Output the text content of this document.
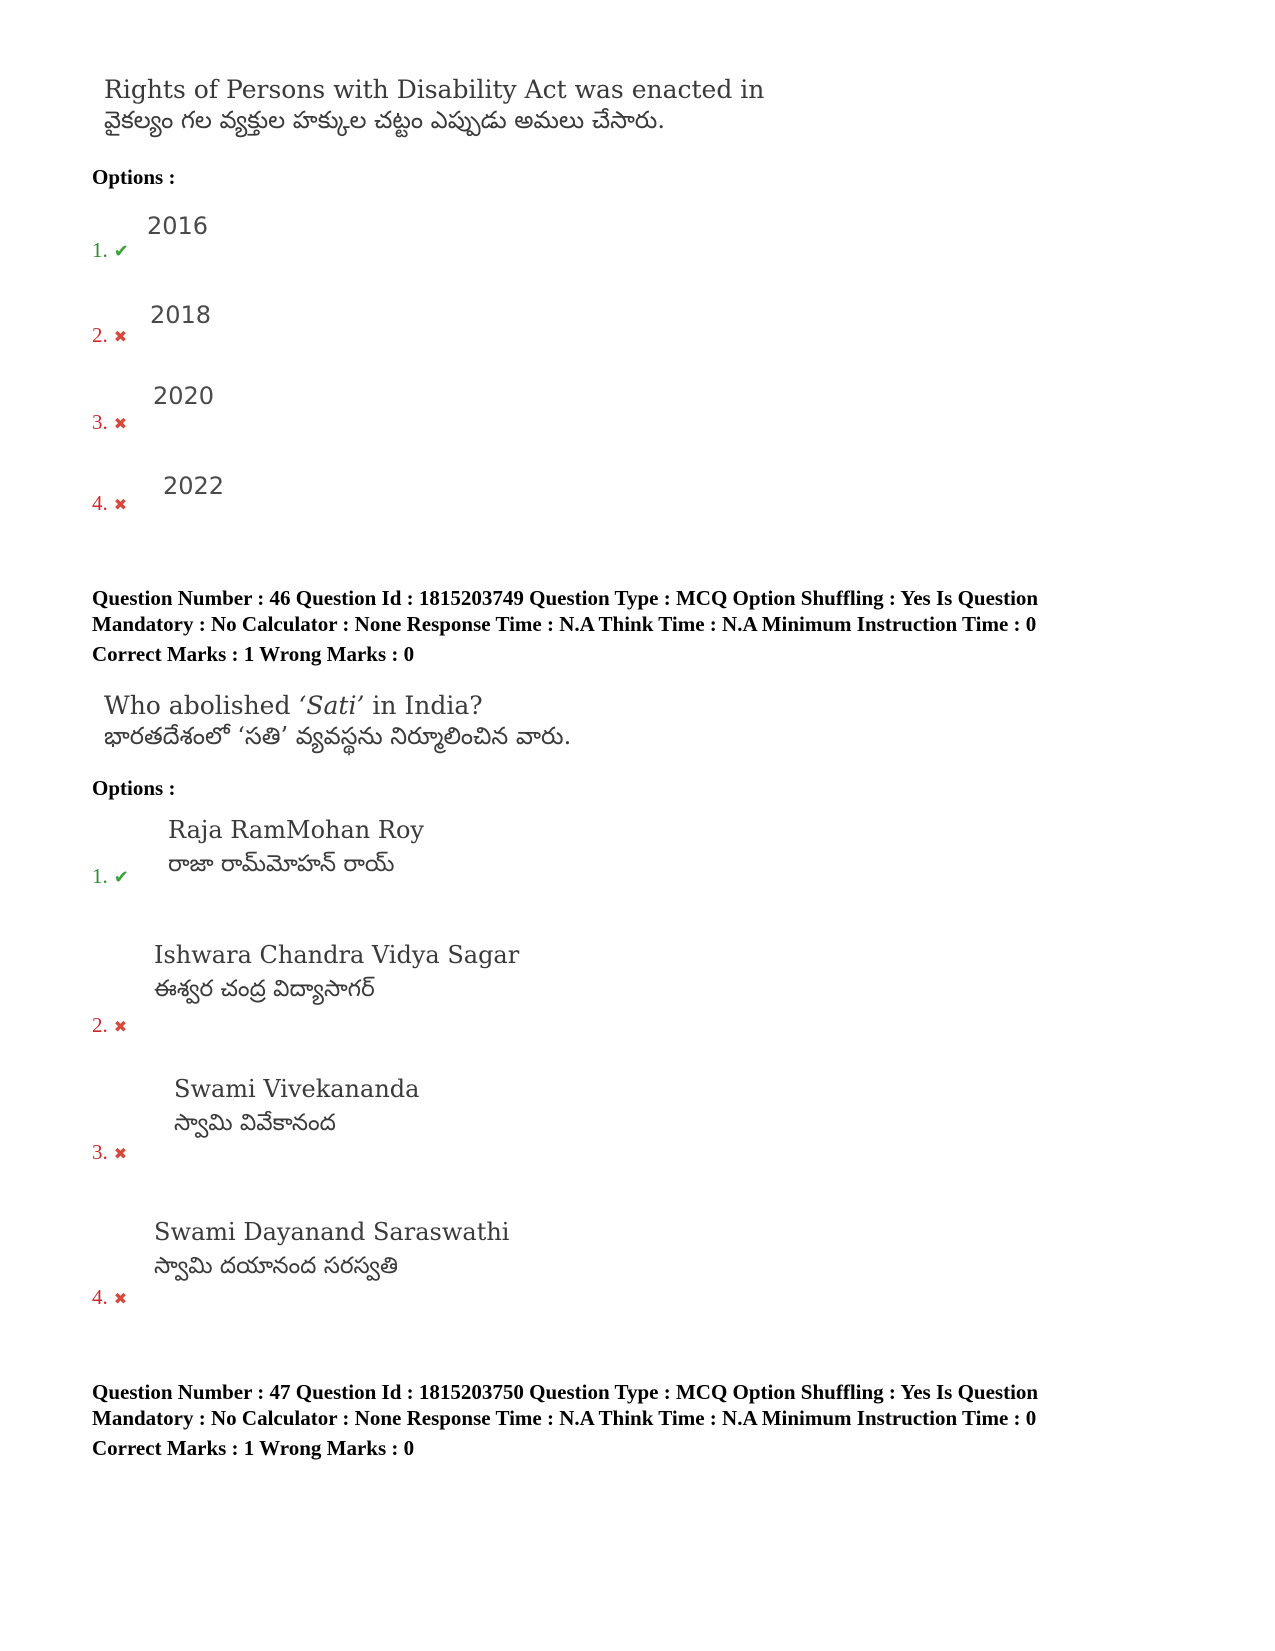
Rights of Persons with Disability Act was enacted in
వైకల్యం గల వ్యక్తుల హక్కుల చట్టం ఎప్పుడు అమలు చేసారు.
Options :
2016
1. ✔
2018
2. ✖
2020
3. ✖
2022
4. ✖
Question Number : 46 Question Id : 1815203749 Question Type : MCQ Option Shuffling : Yes Is Question
Mandatory : No Calculator : None Response Time : N.A Think Time : N.A Minimum Instruction Time : 0
Correct Marks : 1 Wrong Marks : 0
Who abolished ‘Sati’ in India?
భారతదేశంలో ‘సతి’ వ్యవస్థను నిర్మూలించిన వారు.
Options :
Raja RamMohan Roy
రాజా రామ్‌మోహన్ రాయ్
1. ✔
Ishwara Chandra Vidya Sagar
ఈశ్వర చంద్ర విద్యాసాగర్
2. ✖
Swami Vivekananda
స్వామి వివేకానంద
3. ✖
Swami Dayanand Saraswathi
స్వామి దయానంద సరస్వతి
4. ✖
Question Number : 47 Question Id : 1815203750 Question Type : MCQ Option Shuffling : Yes Is Question
Mandatory : No Calculator : None Response Time : N.A Think Time : N.A Minimum Instruction Time : 0
Correct Marks : 1 Wrong Marks : 0
